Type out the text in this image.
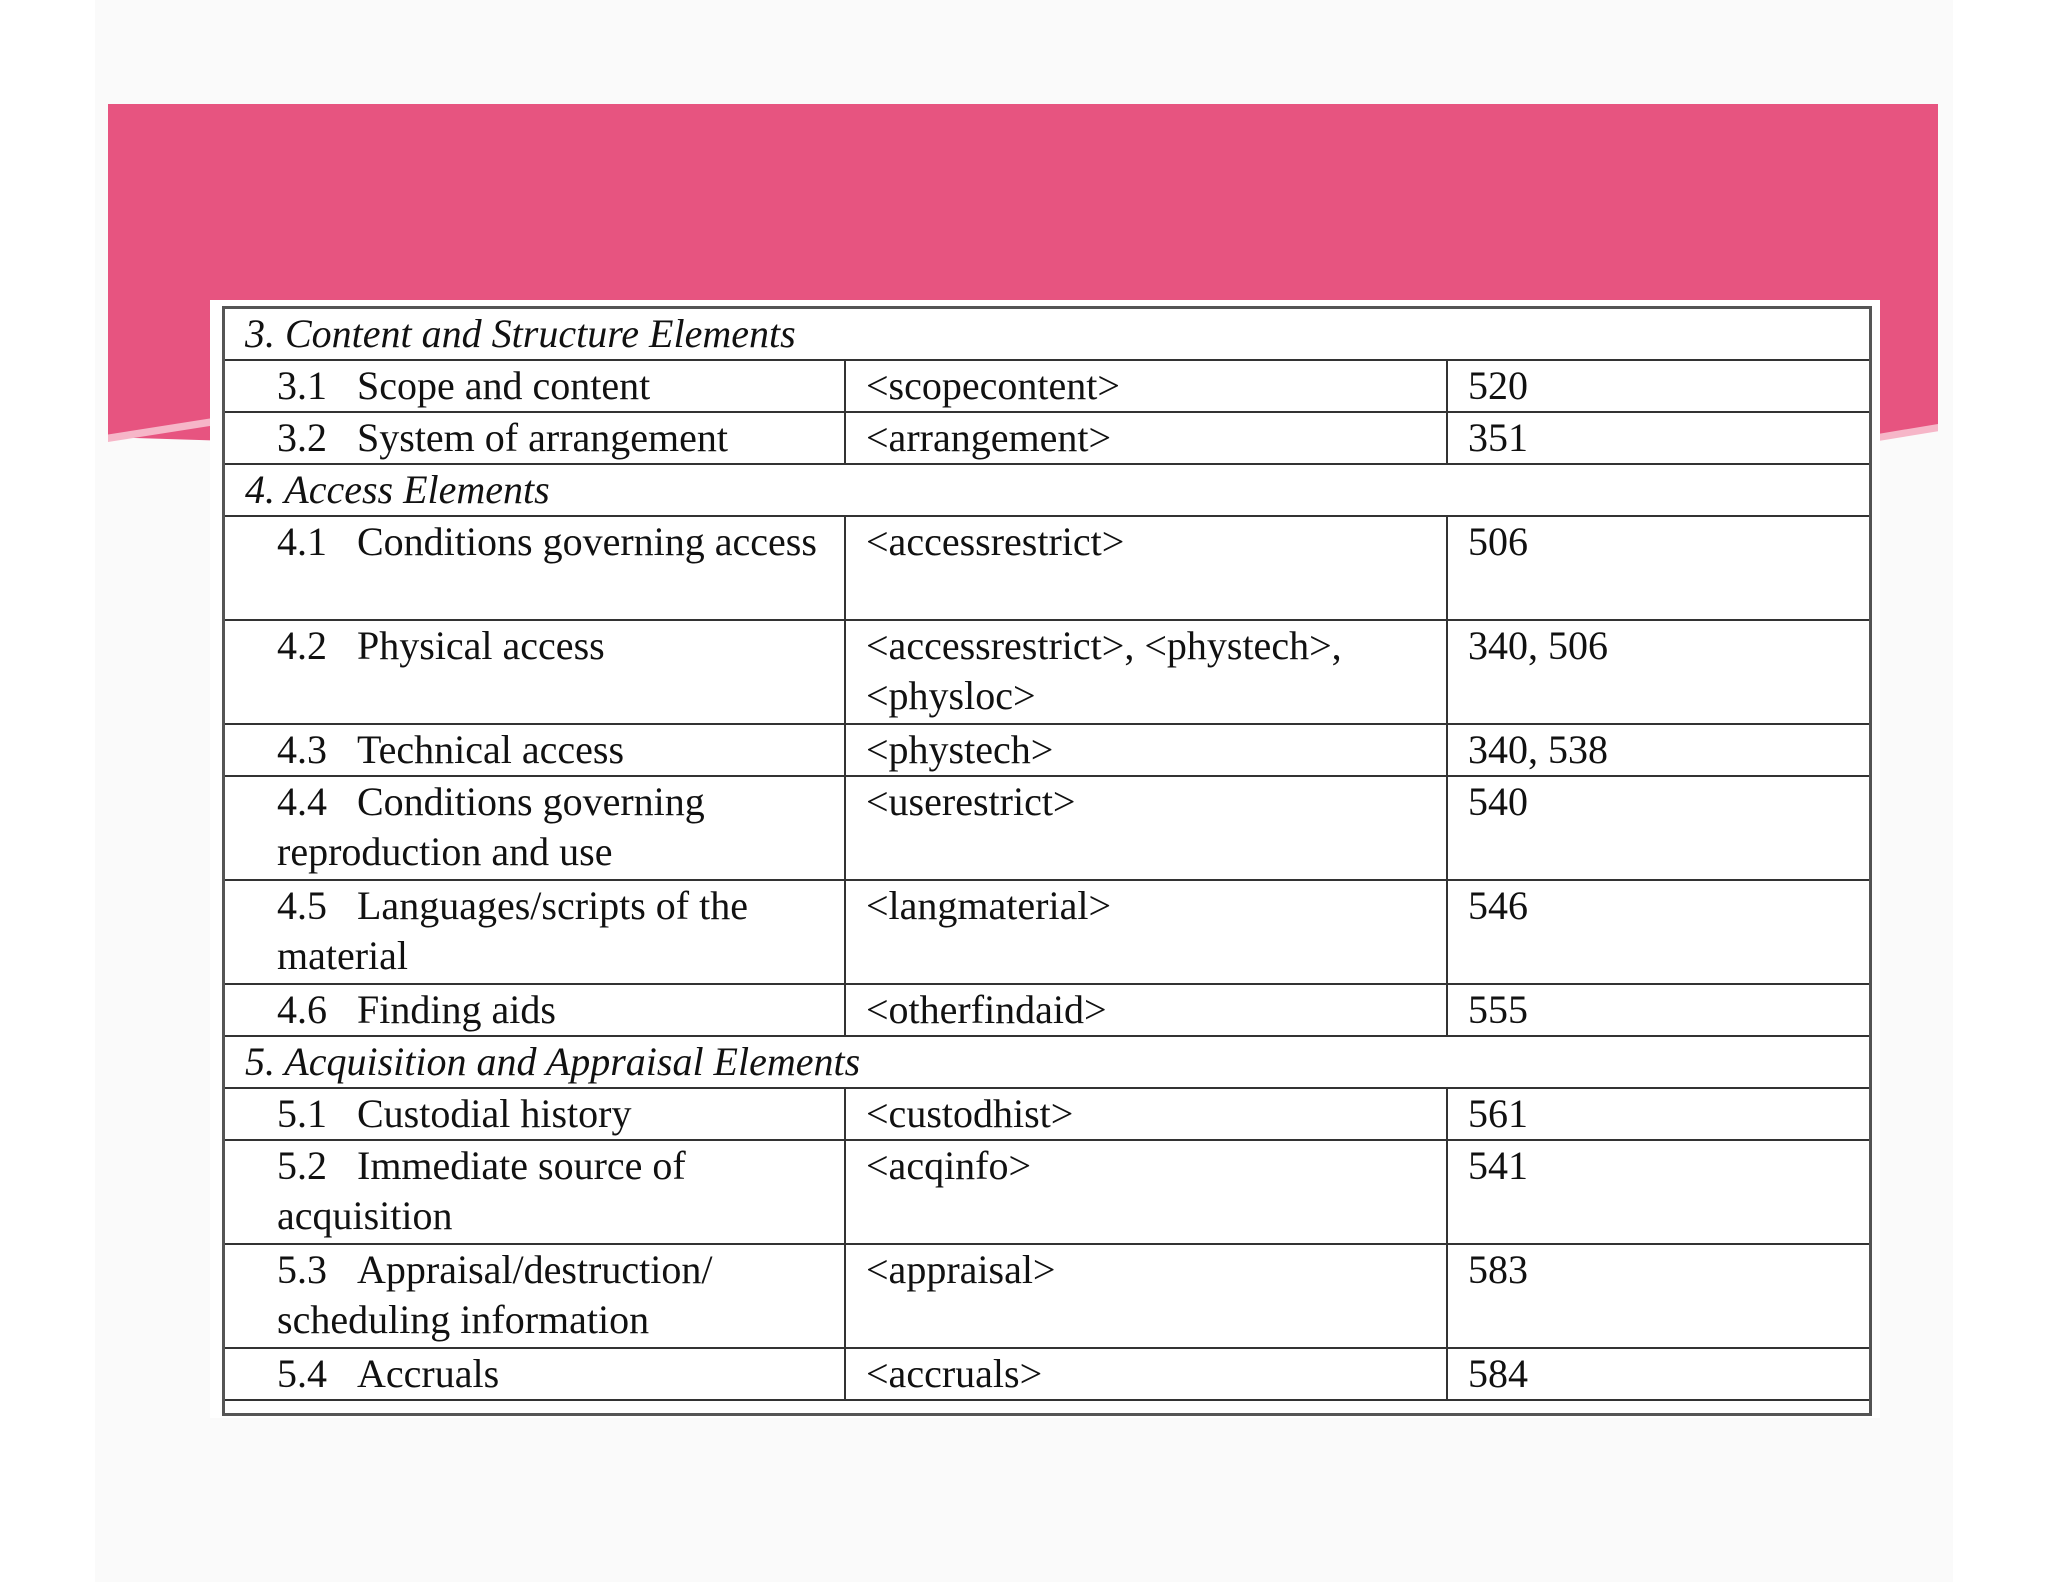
3. Content and Structure Elements		
3.1 Scope and content	<scopecontent>	520
3.2 System of arrangement	<arrangement>	351
4. Access Elements		
4.1 Conditions governing access	<accessrestrict>	506
4.2 Physical access	<accessrestrict>, <phystech>, <physloc>	340, 506
4.3 Technical access	<phystech>	340, 538
4.4 Conditions governing reproduction and use	<userestrict>	540
4.5 Languages/scripts of the material	<langmaterial>	546
4.6 Finding aids	<otherfindaid>	555
5. Acquisition and Appraisal Elements		
5.1 Custodial history	<custodhist>	561
5.2 Immediate source of acquisition	<acqinfo>	541
5.3 Appraisal/destruction/ scheduling information	<appraisal>	583
5.4 Accruals	<accruals>	584
